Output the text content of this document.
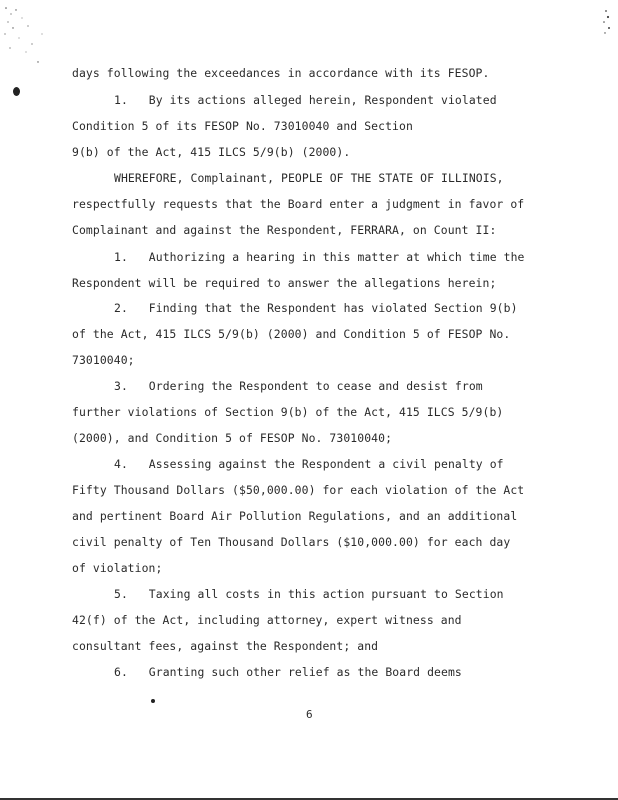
days following the exceedances in accordance with its FESOP.
1.   By its actions alleged herein, Respondent violated
Condition 5 of its FESOP No. 73010040 and Section
9(b) of the Act, 415 ILCS 5/9(b) (2000).
WHEREFORE, Complainant, PEOPLE OF THE STATE OF ILLINOIS,
respectfully requests that the Board enter a judgment in favor of
Complainant and against the Respondent, FERRARA, on Count II:
1.   Authorizing a hearing in this matter at which time the
Respondent will be required to answer the allegations herein;
2.   Finding that the Respondent has violated Section 9(b)
of the Act, 415 ILCS 5/9(b) (2000) and Condition 5 of FESOP No.
73010040;
3.   Ordering the Respondent to cease and desist from
further violations of Section 9(b) of the Act, 415 ILCS 5/9(b)
(2000), and Condition 5 of FESOP No. 73010040;
4.   Assessing against the Respondent a civil penalty of
Fifty Thousand Dollars ($50,000.00) for each violation of the Act
and pertinent Board Air Pollution Regulations, and an additional
civil penalty of Ten Thousand Dollars ($10,000.00) for each day
of violation;
5.   Taxing all costs in this action pursuant to Section
42(f) of the Act, including attorney, expert witness and
consultant fees, against the Respondent; and
6.   Granting such other relief as the Board deems
6
